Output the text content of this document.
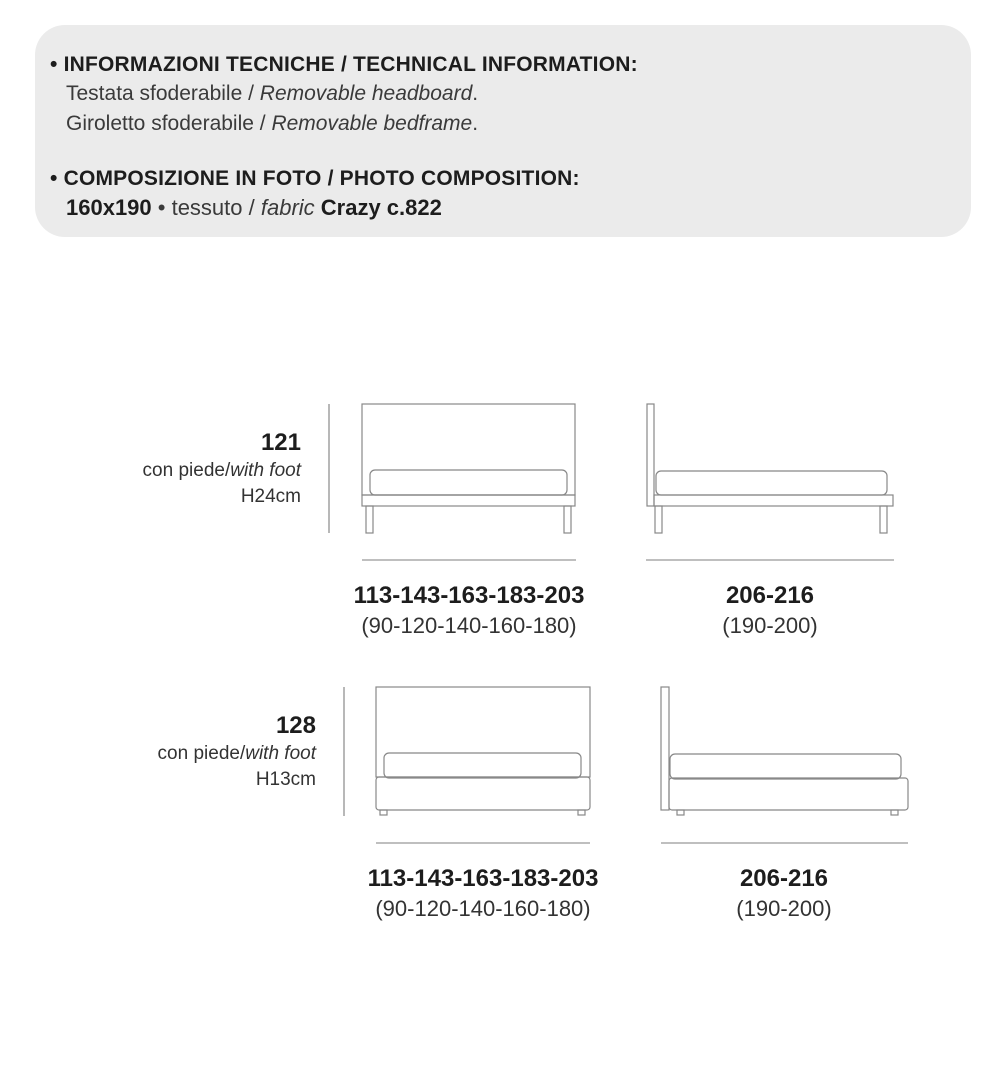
• INFORMAZIONI TECNICHE / TECHNICAL INFORMATION:
Testata sfoderabile / Removable headboard.
Giroletto sfoderabile / Removable bedframe.
• COMPOSIZIONE IN FOTO / PHOTO COMPOSITION:
160x190 • tessuto / fabric Crazy c.822
121
con piede/with foot
H24cm
113-143-163-183-203
(90-120-140-160-180)
206-216
(190-200)
128
con piede/with foot
H13cm
113-143-163-183-203
(90-120-140-160-180)
206-216
(190-200)
